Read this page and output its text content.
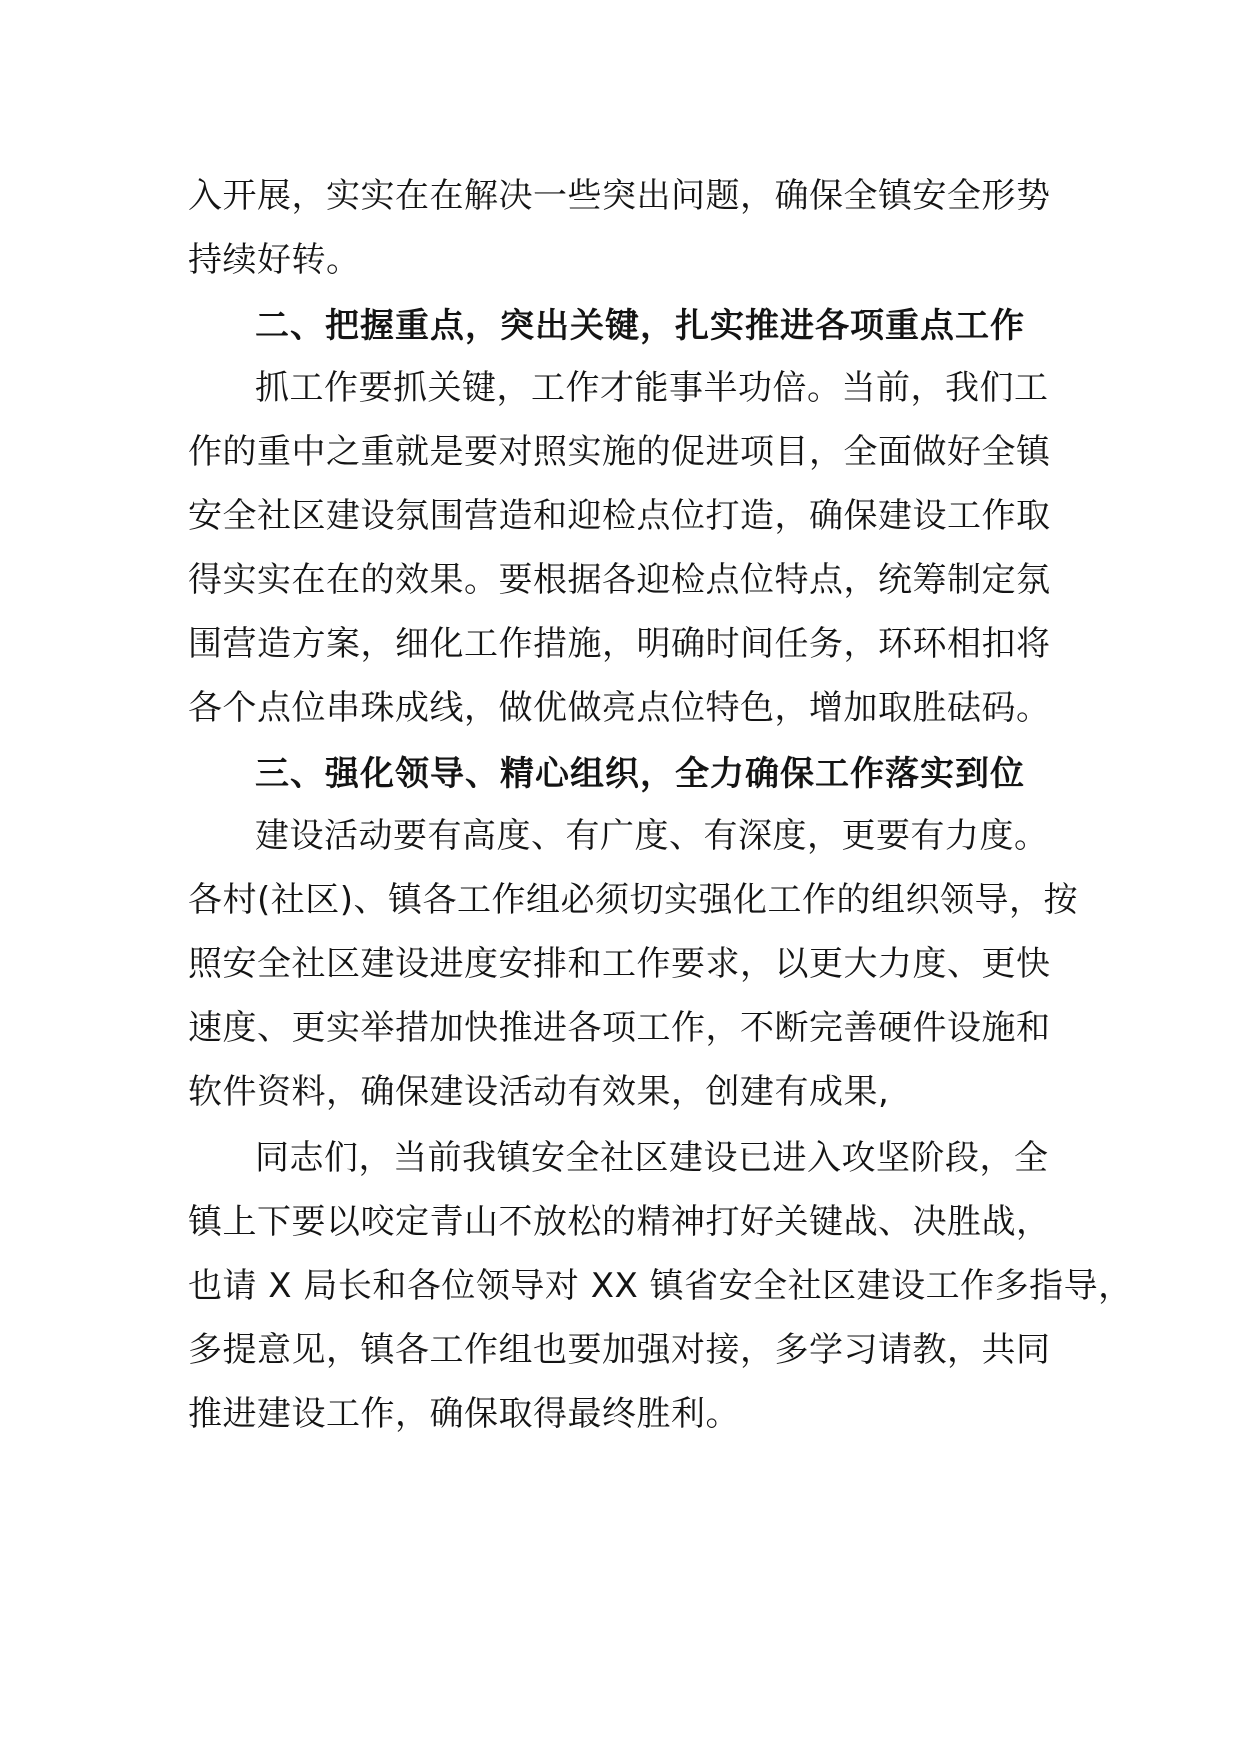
入开展，实实在在解决一些突出问题，确保全镇安全形势
持续好转。
二、把握重点，突出关键，扎实推进各项重点工作
抓工作要抓关键，工作才能事半功倍。当前，我们工
作的重中之重就是要对照实施的促进项目，全面做好全镇
安全社区建设氛围营造和迎检点位打造，确保建设工作取
得实实在在的效果。要根据各迎检点位特点，统筹制定氛
围营造方案，细化工作措施，明确时间任务，环环相扣将
各个点位串珠成线，做优做亮点位特色，增加取胜砝码。
三、强化领导、精心组织，全力确保工作落实到位
建设活动要有高度、有广度、有深度，更要有力度。
各村(社区)、镇各工作组必须切实强化工作的组织领导，按
照安全社区建设进度安排和工作要求，以更大力度、更快
速度、更实举措加快推进各项工作，不断完善硬件设施和
软件资料，确保建设活动有效果，创建有成果,
同志们，当前我镇安全社区建设已进入攻坚阶段，全
镇上下要以咬定青山不放松的精神打好关键战、决胜战，
也请 X 局长和各位领导对 XX 镇省安全社区建设工作多指导，
多提意见，镇各工作组也要加强对接，多学习请教，共同
推进建设工作，确保取得最终胜利。
